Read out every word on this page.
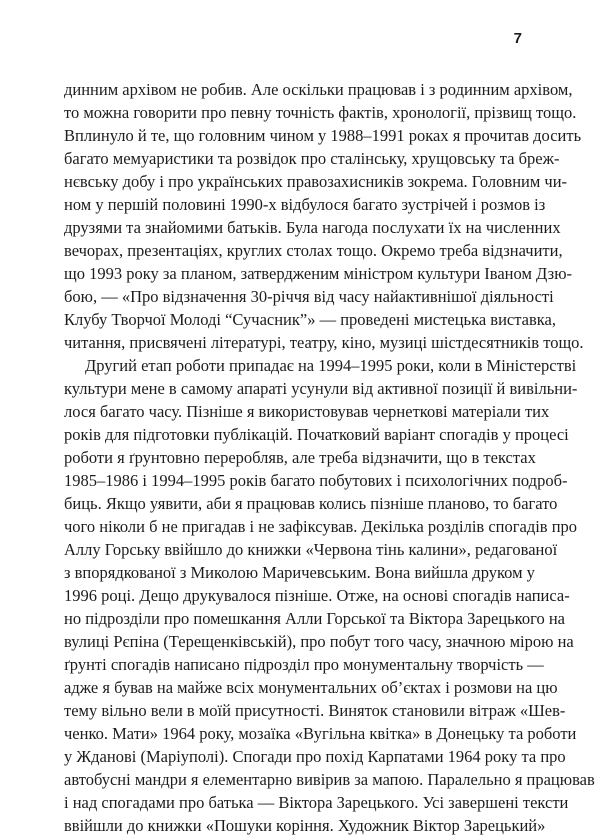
7
динним архівом не робив. Але оскільки працював і з родинним архівом,
то можна говорити про певну точність фактів, хронології, прізвищ тощо.
Вплинуло й те, що головним чином у 1988–1991 роках я прочитав досить
багато мемуаристики та розвідок про сталінську, хрущовську та бреж-
нєвську добу і про українських правозахисників зокрема. Головним чи-
ном у першій половині 1990-х відбулося багато зустрічей і розмов із
друзями та знайомими батьків. Була нагода послухати їх на численних
вечорах, презентаціях, круглих столах тощо. Окремо треба відзначити,
що 1993 року за планом, затвердженим міністром культури Іваном Дзю-
бою, — «Про відзначення 30-річчя від часу найактивнішої діяльності
Клубу Творчої Молоді “Сучасник”» — проведені мистецька виставка,
читання, присвячені літературі, театру, кіно, музиці шістдесятників тощо.
Другий етап роботи припадає на 1994–1995 роки, коли в Міністерстві
культури мене в самому апараті усунули від активної позиції й вивільни-
лося багато часу. Пізніше я використовував чернеткові матеріали тих
років для підготовки публікацій. Початковий варіант спогадів у процесі
роботи я ґрунтовно переробляв, але треба відзначити, що в текстах
1985–1986 і 1994–1995 років багато побутових і психологічних подроб-
биць. Якщо уявити, аби я працював колись пізніше планово, то багато
чого ніколи б не пригадав і не зафіксував. Декілька розділів спогадів про
Аллу Горську ввійшло до книжки «Червона тінь калини», редагованої
з впорядкованої з Миколою Маричевським. Вона вийшла друком у
1996 році. Дещо друкувалося пізніше. Отже, на основі спогадів написа-
но підрозділи про помешкання Алли Горської та Віктора Зарецького на
вулиці Рєпіна (Терещенківській), про побут того часу, значною мірою на
ґрунті спогадів написано підрозділ про монументальну творчість —
адже я бував на майже всіх монументальних об’єктах і розмови на цю
тему вільно вели в моїй присутності. Виняток становили вітраж «Шев-
ченко. Мати» 1964 року, мозаїка «Вугільна квітка» в Донецьку та роботи
у Жданові (Маріуполі). Спогади про похід Карпатами 1964 року та про
автобусні мандри я елементарно вивірив за мапою. Паралельно я працював
і над спогадами про батька — Віктора Зарецького. Усі завершені тексти
ввійшли до книжки «Пошуки коріння. Художник Віктор Зарецький»
